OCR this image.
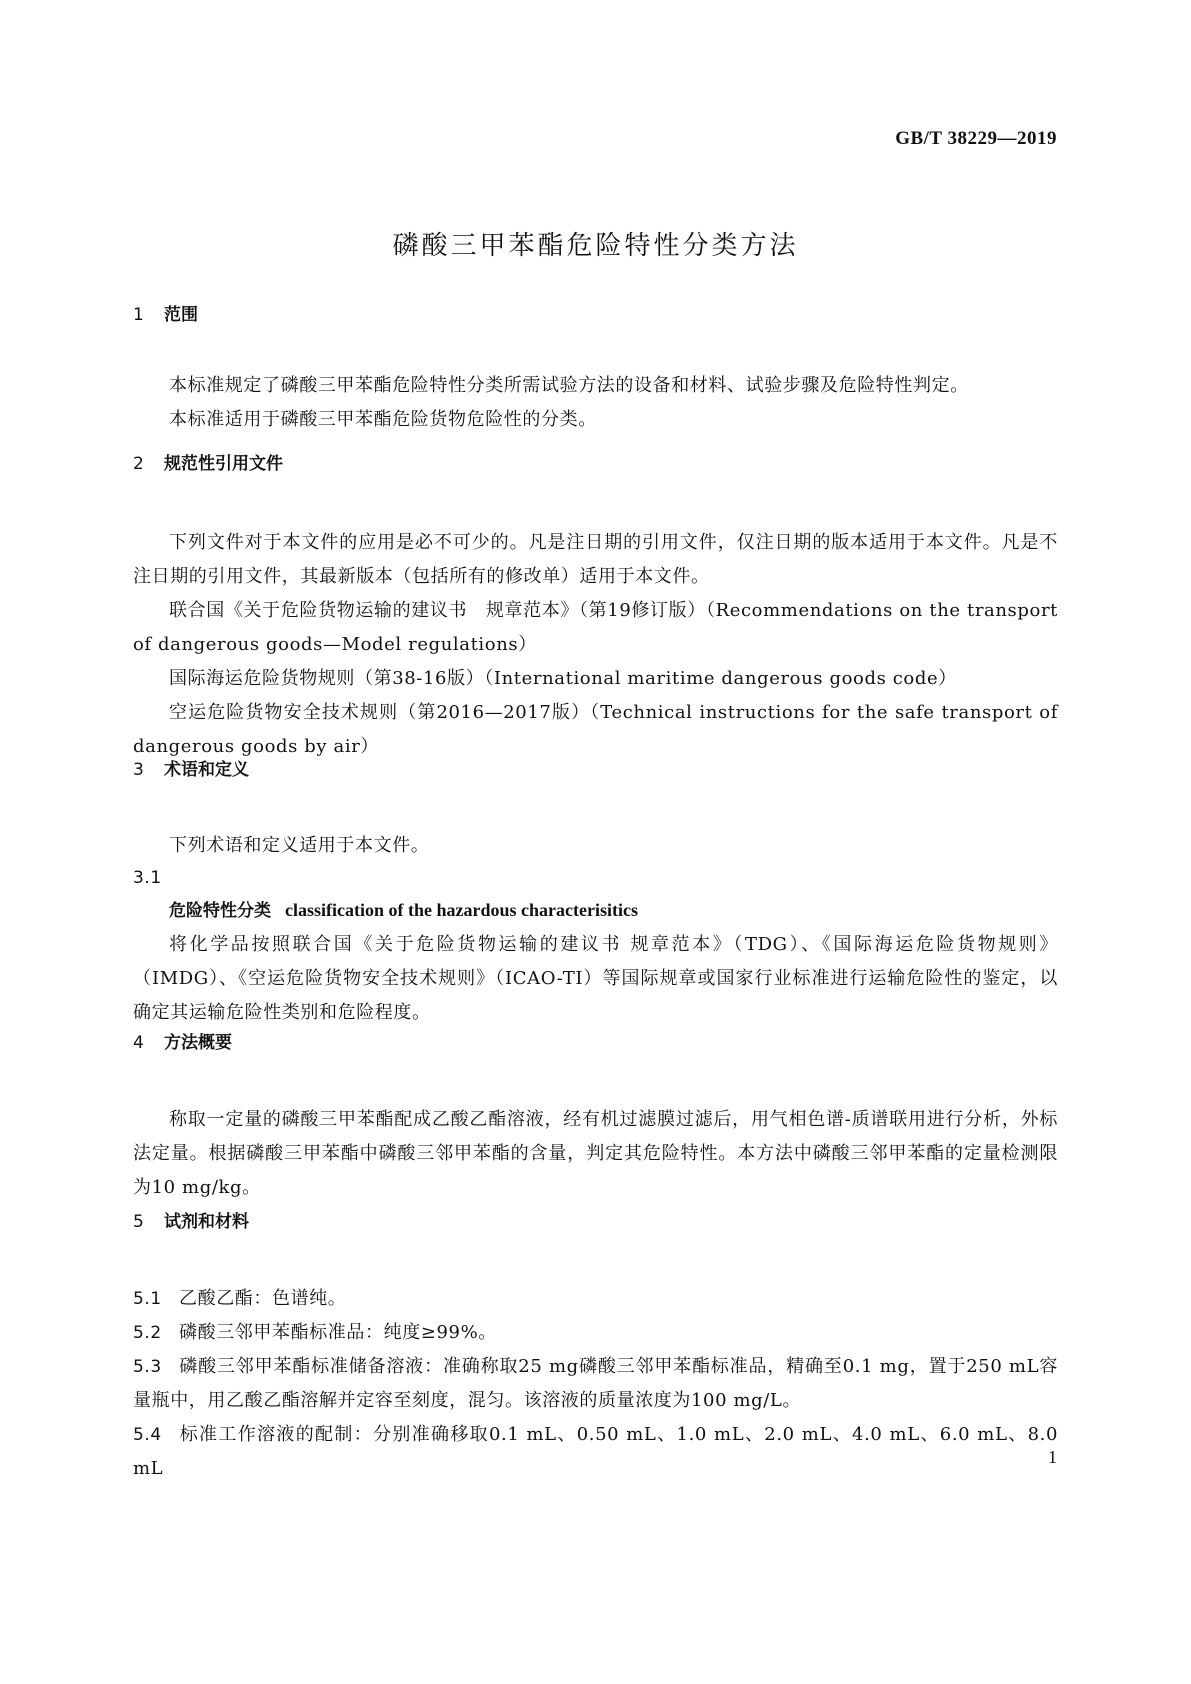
GB/T 38229—2019
磷酸三甲苯酯危险特性分类方法
1 范围

本标准规定了磷酸三甲苯酯危险特性分类所需试验方法的设备和材料、试验步骤及危险特性判定。

本标准适用于磷酸三甲苯酯危险货物危险性的分类。

2 规范性引用文件

下列文件对于本文件的应用是必不可少的。凡是注日期的引用文件，仅注日期的版本适用于本文件。凡是不注日期的引用文件，其最新版本（包括所有的修改单）适用于本文件。

联合国《关于危险货物运输的建议书　规章范本》（第19修订版）（Recommendations on the transport of dangerous goods—Model regulations）

国际海运危险货物规则（第38-16版）（International maritime dangerous goods code）

空运危险货物安全技术规则（第2016—2017版）（Technical instructions for the safe transport of dangerous goods by air）

3 术语和定义

下列术语和定义适用于本文件。

3.1

危险特性分类 classification of the hazardous characterisitics

将化学品按照联合国《关于危险货物运输的建议书 规章范本》（TDG）、《国际海运危险货物规则》（IMDG）、《空运危险货物安全技术规则》（ICAO-TI）等国际规章或国家行业标准进行运输危险性的鉴定，以确定其运输危险性类别和危险程度。

4 方法概要

称取一定量的磷酸三甲苯酯配成乙酸乙酯溶液，经有机过滤膜过滤后，用气相色谱-质谱联用进行分析，外标法定量。根据磷酸三甲苯酯中磷酸三邻甲苯酯的含量，判定其危险特性。本方法中磷酸三邻甲苯酯的定量检测限为10 mg/kg。

5 试剂和材料

5.1 乙酸乙酯：色谱纯。

5.2 磷酸三邻甲苯酯标准品：纯度≥99%。

5.3 磷酸三邻甲苯酯标准储备溶液：准确称取25 mg磷酸三邻甲苯酯标准品，精确至0.1 mg，置于250 mL容量瓶中，用乙酸乙酯溶解并定容至刻度，混匀。该溶液的质量浓度为100 mg/L。

5.4 标准工作溶液的配制：分别准确移取0.1 mL、0.50 mL、1.0 mL、2.0 mL、4.0 mL、6.0 mL、8.0 mL

1
